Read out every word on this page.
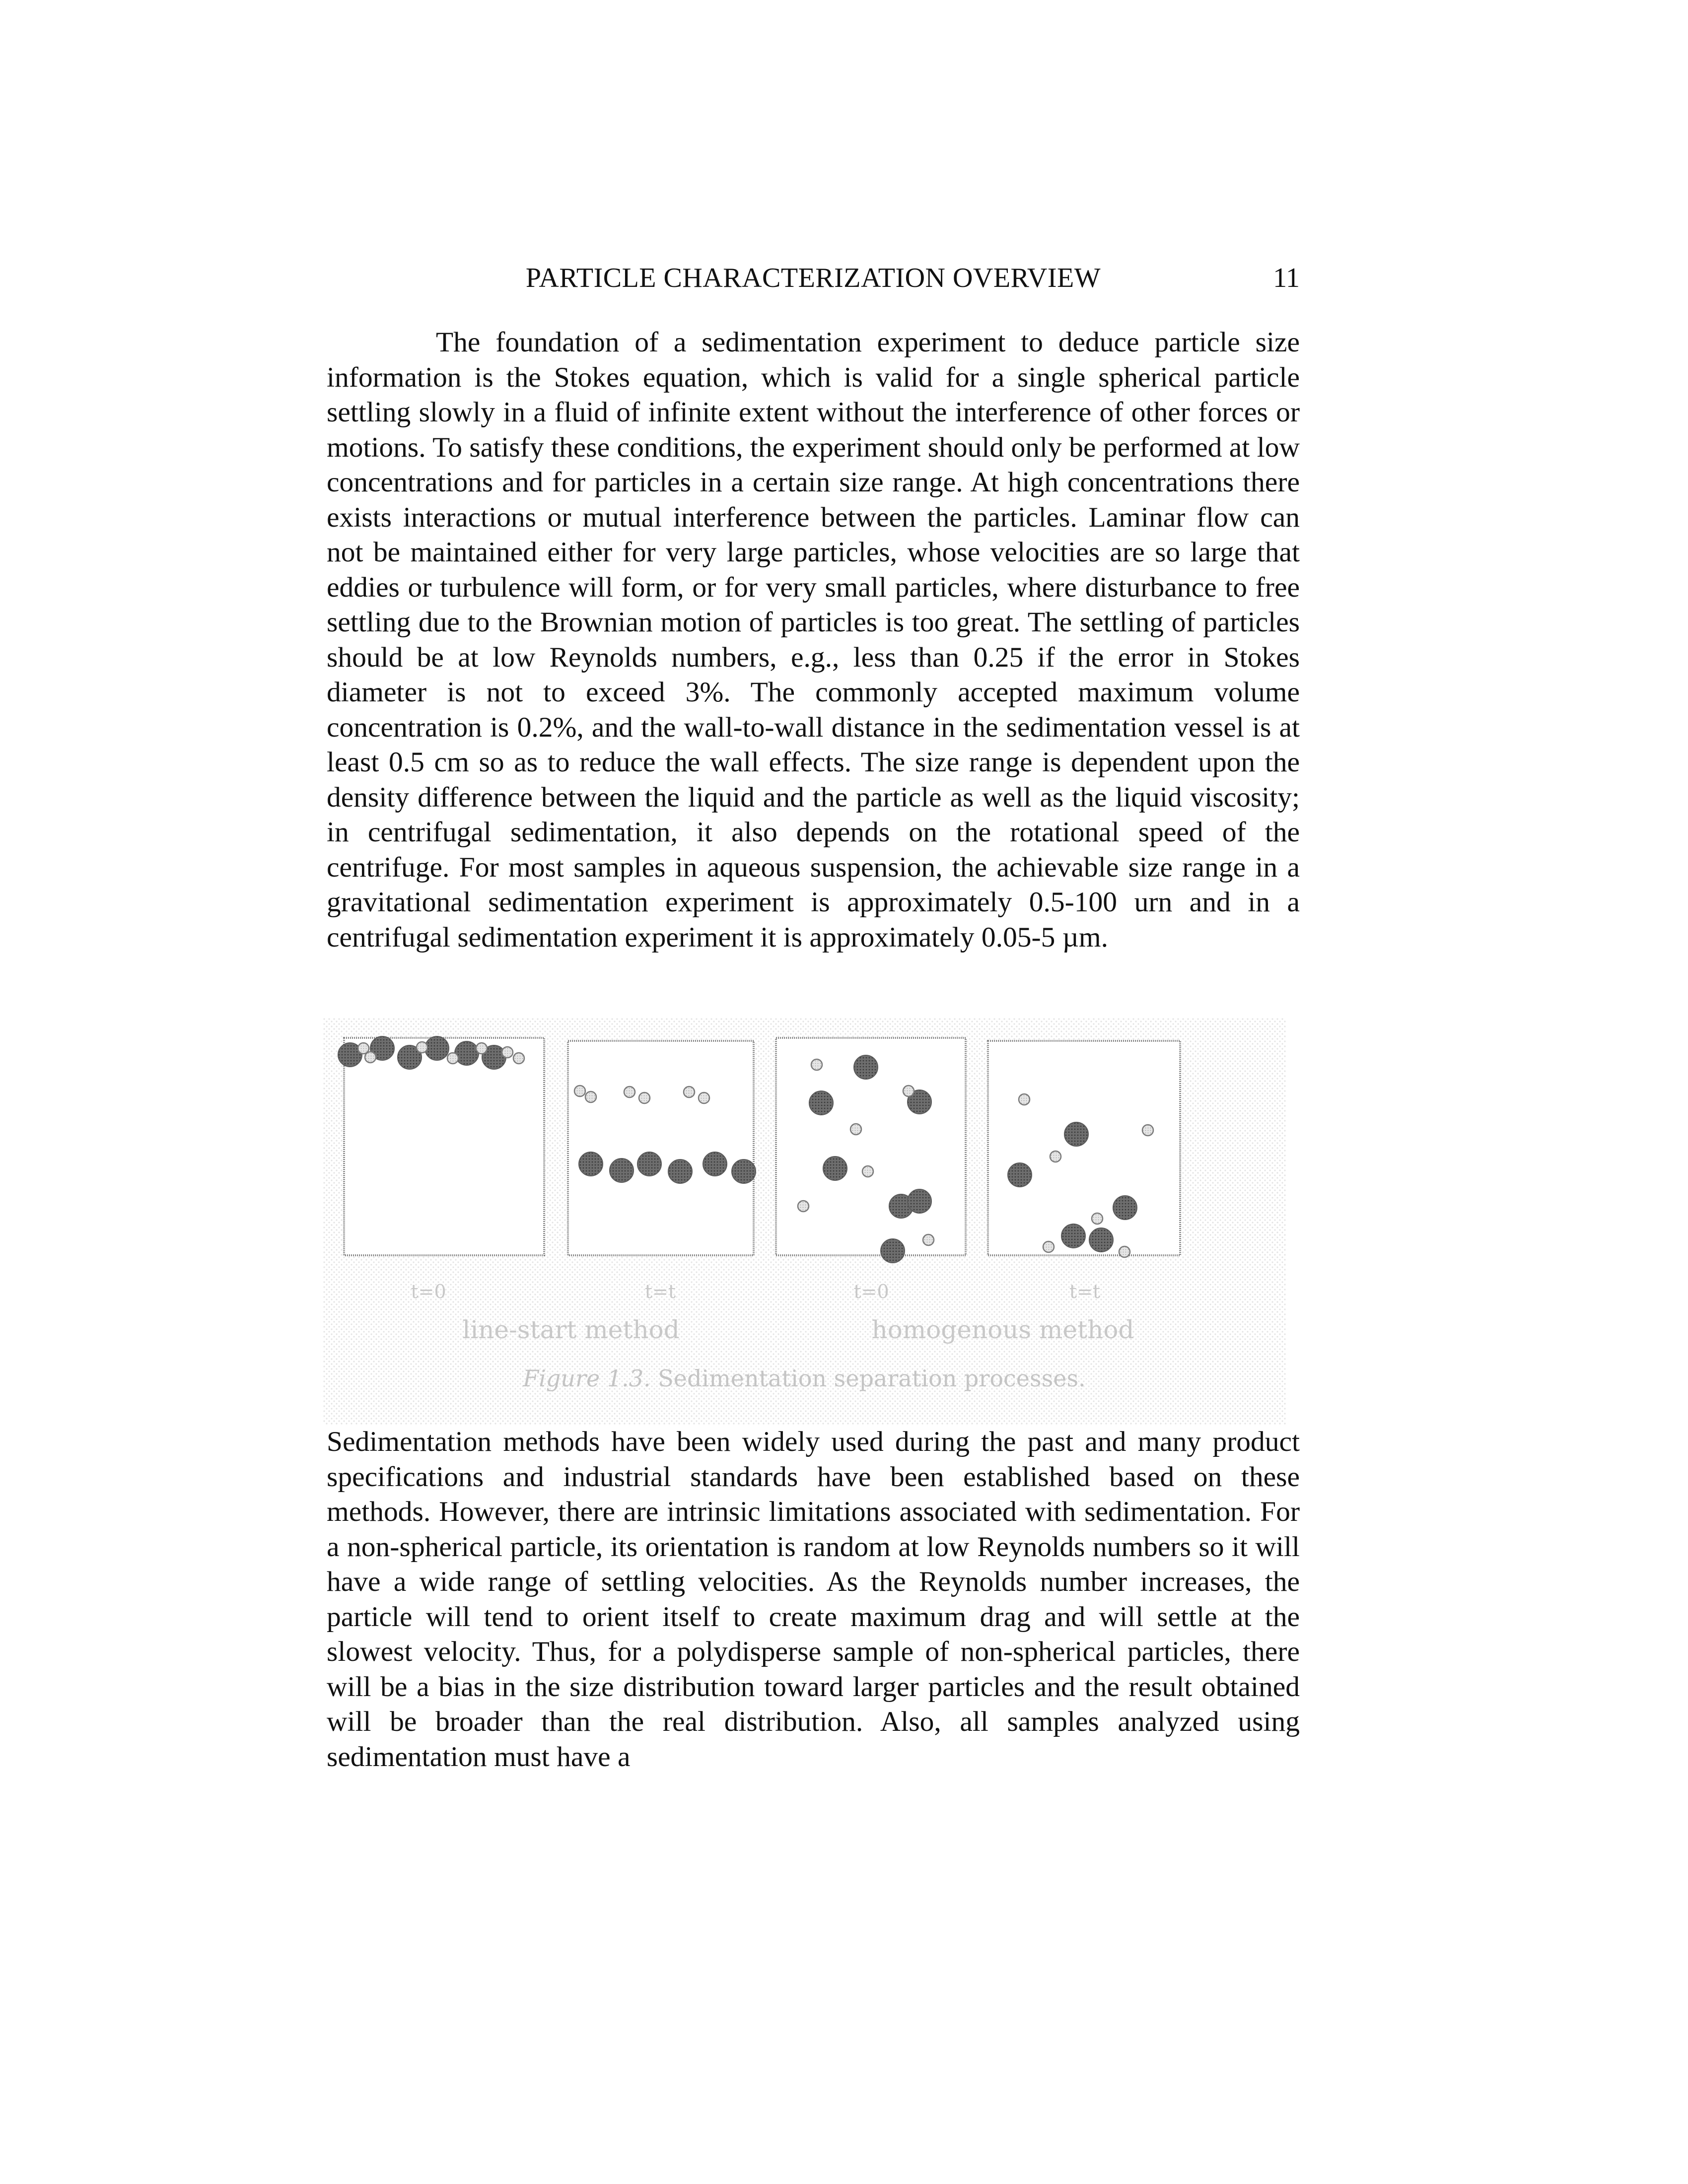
PARTICLE CHARACTERIZATION OVERVIEW	11

The foundation of a sedimentation experiment to deduce particle size information is the Stokes equation, which is valid for a single spherical particle settling slowly in a fluid of infinite extent without the interference of other forces or motions. To satisfy these conditions, the experiment should only be performed at low concentrations and for particles in a certain size range. At high concentrations there exists interactions or mutual interference between the particles. Laminar flow can not be maintained either for very large particles, whose velocities are so large that eddies or turbulence will form, or for very small particles, where disturbance to free settling due to the Brownian motion of particles is too great. The settling of particles should be at low Reynolds numbers, e.g., less than 0.25 if the error in Stokes diameter is not to exceed 3%. The commonly accepted maximum volume concentration is 0.2%, and the wall-to-wall distance in the sedimentation vessel is at least 0.5 cm so as to reduce the wall effects. The size range is dependent upon the density difference between the liquid and the particle as well as the liquid viscosity; in centrifugal sedimentation, it also depends on the rotational speed of the centrifuge. For most samples in aqueous suspension, the achievable size range in a gravitational sedimentation experiment is approximately 0.5-100 urn and in a centrifugal sedimentation experiment it is approximately 0.05-5 µm.

t=0	t=t	t=0	t=t
line-start method	homogenous method
Figure 1.3. Sedimentation separation processes.

Sedimentation methods have been widely used during the past and many product specifications and industrial standards have been established based on these methods. However, there are intrinsic limitations associated with sedimentation. For a non-spherical particle, its orientation is random at low Reynolds numbers so it will have a wide range of settling velocities. As the Reynolds number increases, the particle will tend to orient itself to create maximum drag and will settle at the slowest velocity. Thus, for a polydisperse sample of non-spherical particles, there will be a bias in the size distribution toward larger particles and the result obtained will be broader than the real distribution. Also, all samples analyzed using sedimentation must have a
